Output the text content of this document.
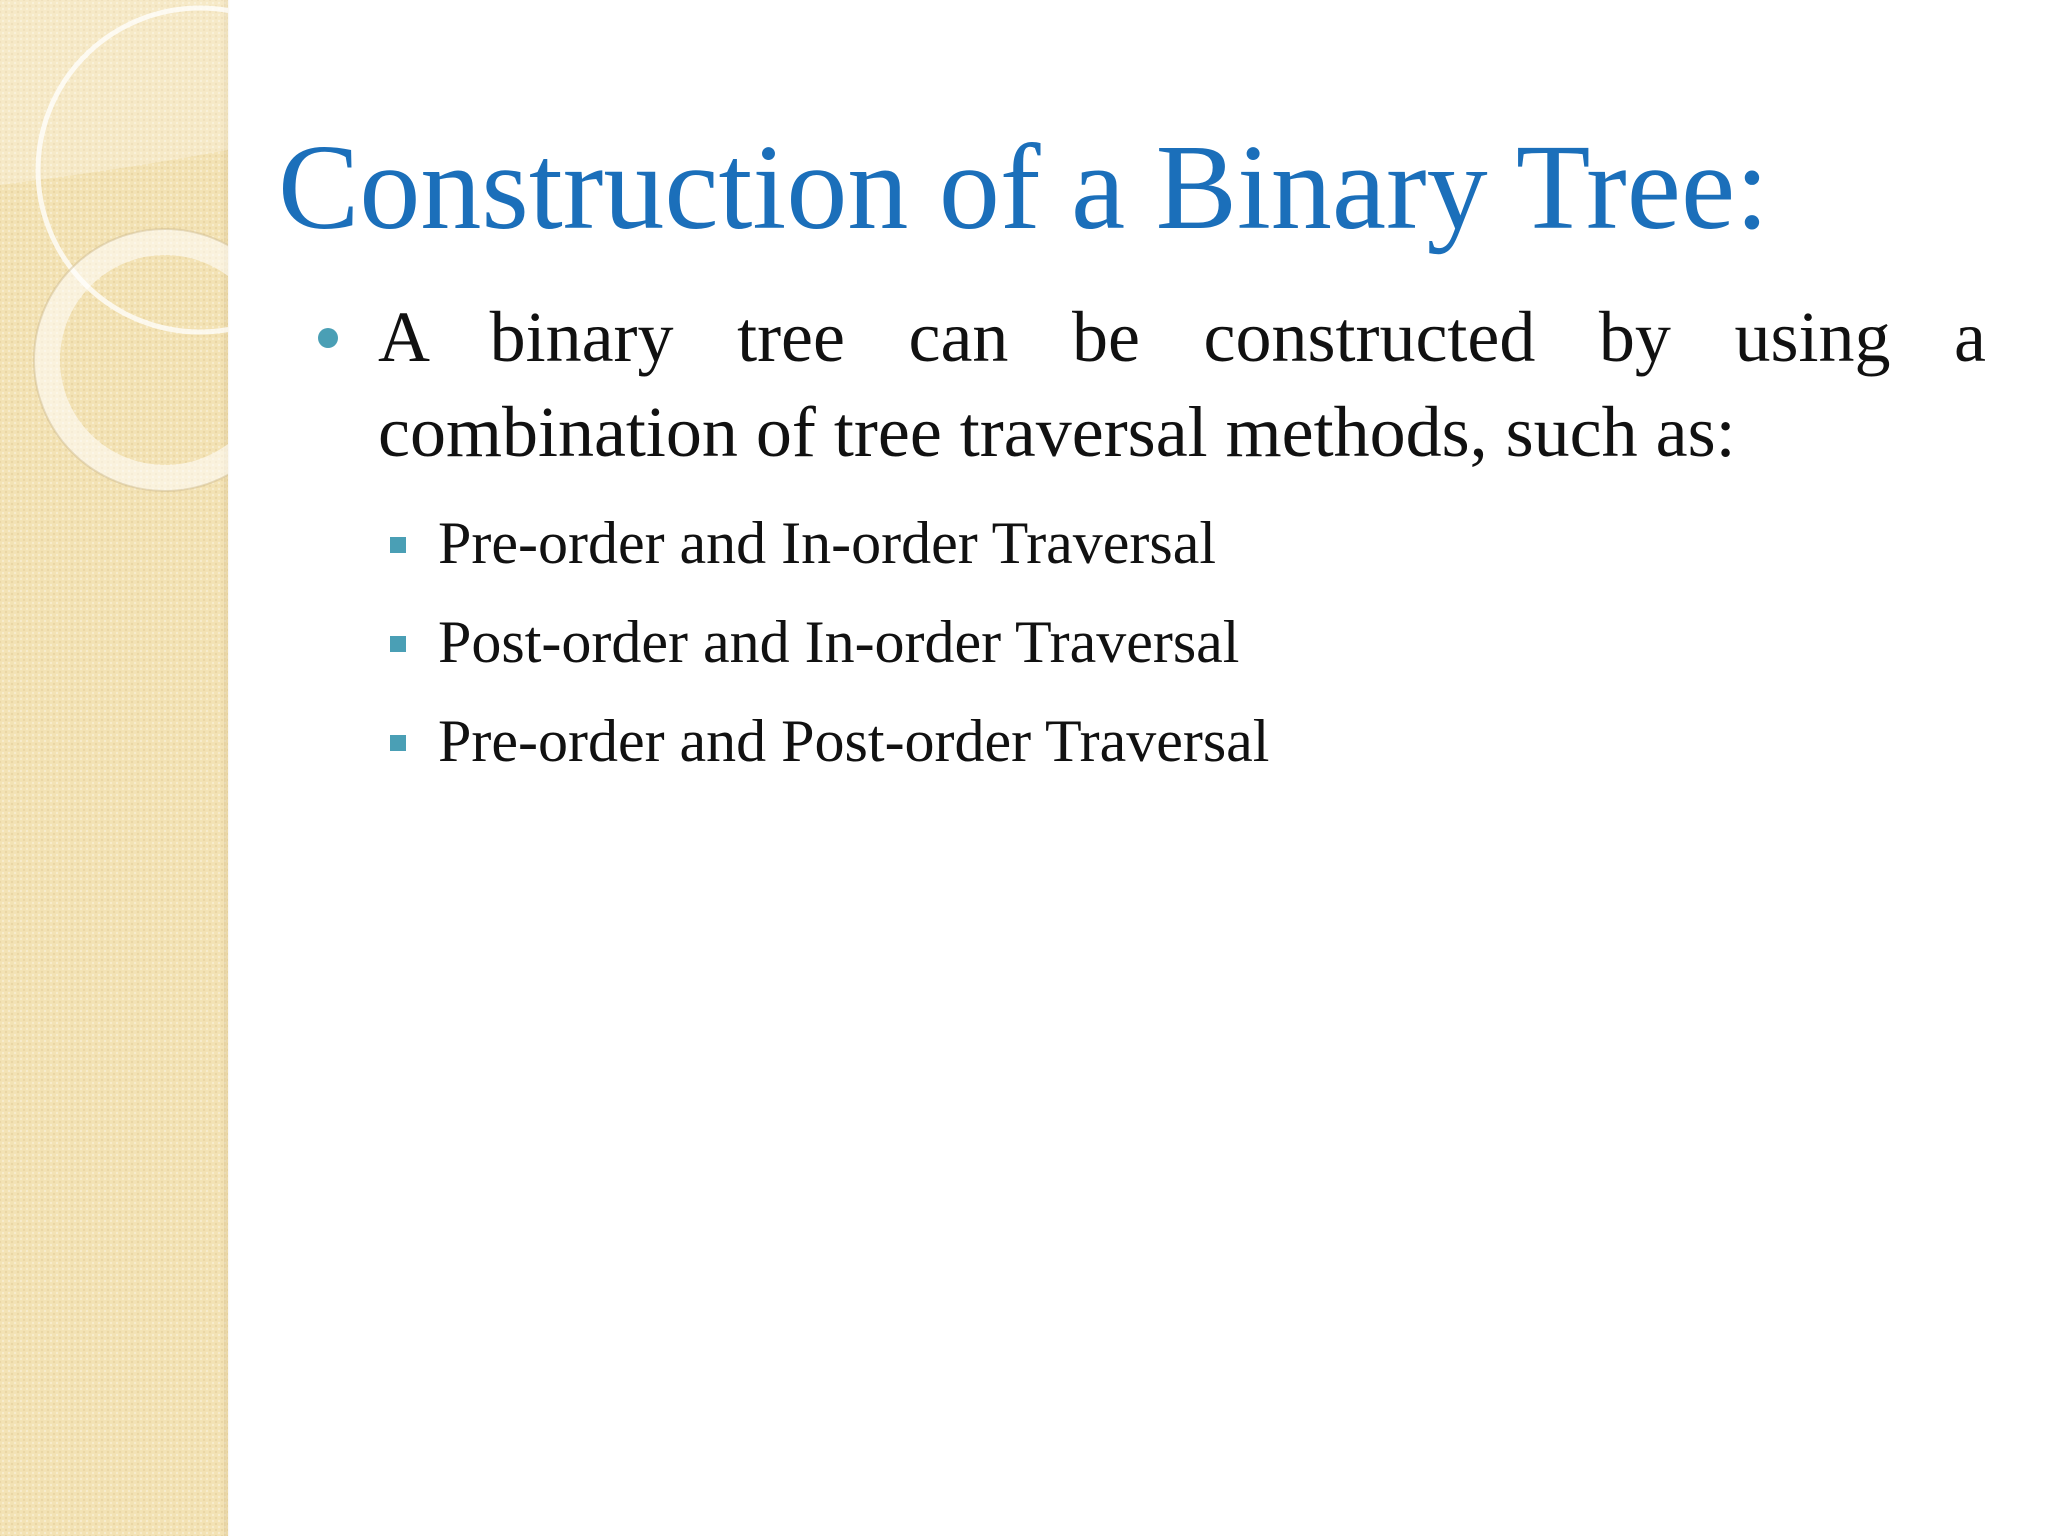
Construction of a Binary Tree:
A binary tree can be constructed by using a combination of tree traversal methods, such as:
Pre-order and In-order Traversal
Post-order and In-order Traversal
Pre-order and Post-order Traversal
